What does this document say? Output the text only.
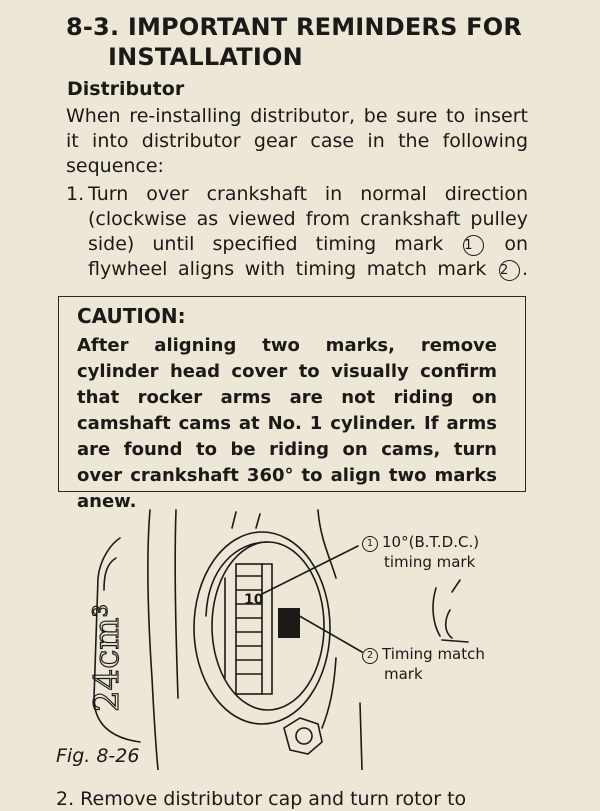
8-3. IMPORTANT REMINDERS FOR
INSTALLATION
Distributor
When re-installing distributor, be sure to insert it into distributor gear case in the following sequence:
1. Turn over crankshaft in normal direction (clockwise as viewed from crankshaft pulley side) until specified timing mark 1 on flywheel aligns with timing match mark 2 .
CAUTION:
After aligning two marks, remove cylinder head cover to visually confirm that rocker arms are not riding on camshaft cams at No. 1 cylinder. If arms are found to be riding on cams, turn over crankshaft 360° to align two marks anew.
24cm³
10
1 10°(B.T.D.C.)
timing mark
2 Timing match
mark
Fig. 8-26
2. Remove distributor cap and turn rotor to
